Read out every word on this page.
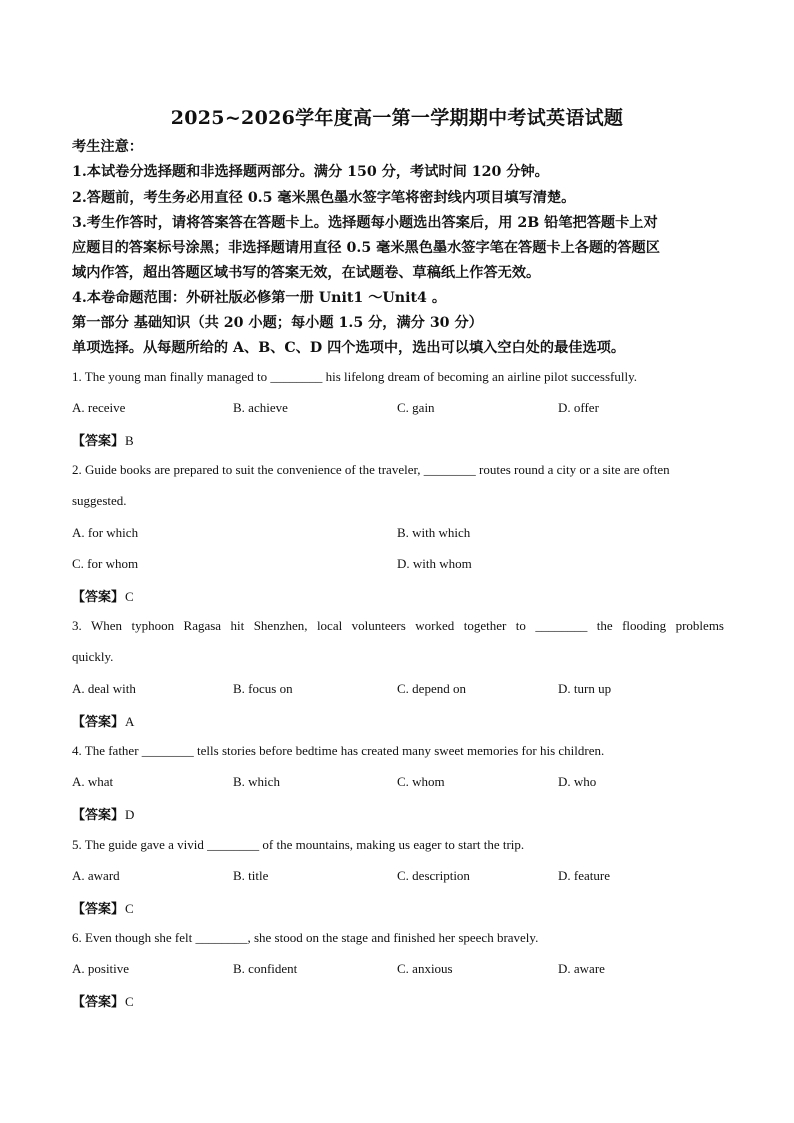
2025~2026学年度高一第一学期期中考试英语试题
考生注意：
1.本试卷分选择题和非选择题两部分。满分 150 分，考试时间 120 分钟。
2.答题前，考生务必用直径 0.5 毫米黑色墨水签字笔将密封线内项目填写清楚。
3.考生作答时，请将答案答在答题卡上。选择题每小题选出答案后，用 2B 铅笔把答题卡上对
应题目的答案标号涂黑；非选择题请用直径 0.5 毫米黑色墨水签字笔在答题卡上各题的答题区
域内作答，超出答题区域书写的答案无效，在试题卷、草稿纸上作答无效。
4.本卷命题范围：外研社版必修第一册 Unit1 ～Unit4 。
第一部分 基础知识（共 20 小题；每小题 1.5 分，满分 30 分）
单项选择。从每题所给的 A、B、C、D 四个选项中，选出可以填入空白处的最佳选项。
1. The young man finally managed to ________ his lifelong dream of becoming an airline pilot successfully.
A. receive	B. achieve	C. gain	D. offer
【答案】B
2. Guide books are prepared to suit the convenience of the traveler, ________ routes round a city or a site are often
suggested.
A. for which	B. with which
C. for whom	D. with whom
【答案】C
3. When typhoon Ragasa hit Shenzhen, local volunteers worked together to ________ the flooding problems
quickly.
A. deal with	B. focus on	C. depend on	D. turn up
【答案】A
4. The father ________ tells stories before bedtime has created many sweet memories for his children.
A. what	B. which	C. whom	D. who
【答案】D
5. The guide gave a vivid ________ of the mountains, making us eager to start the trip.
A. award	B. title	C. description	D. feature
【答案】C
6. Even though she felt ________, she stood on the stage and finished her speech bravely.
A. positive	B. confident	C. anxious	D. aware
【答案】C
